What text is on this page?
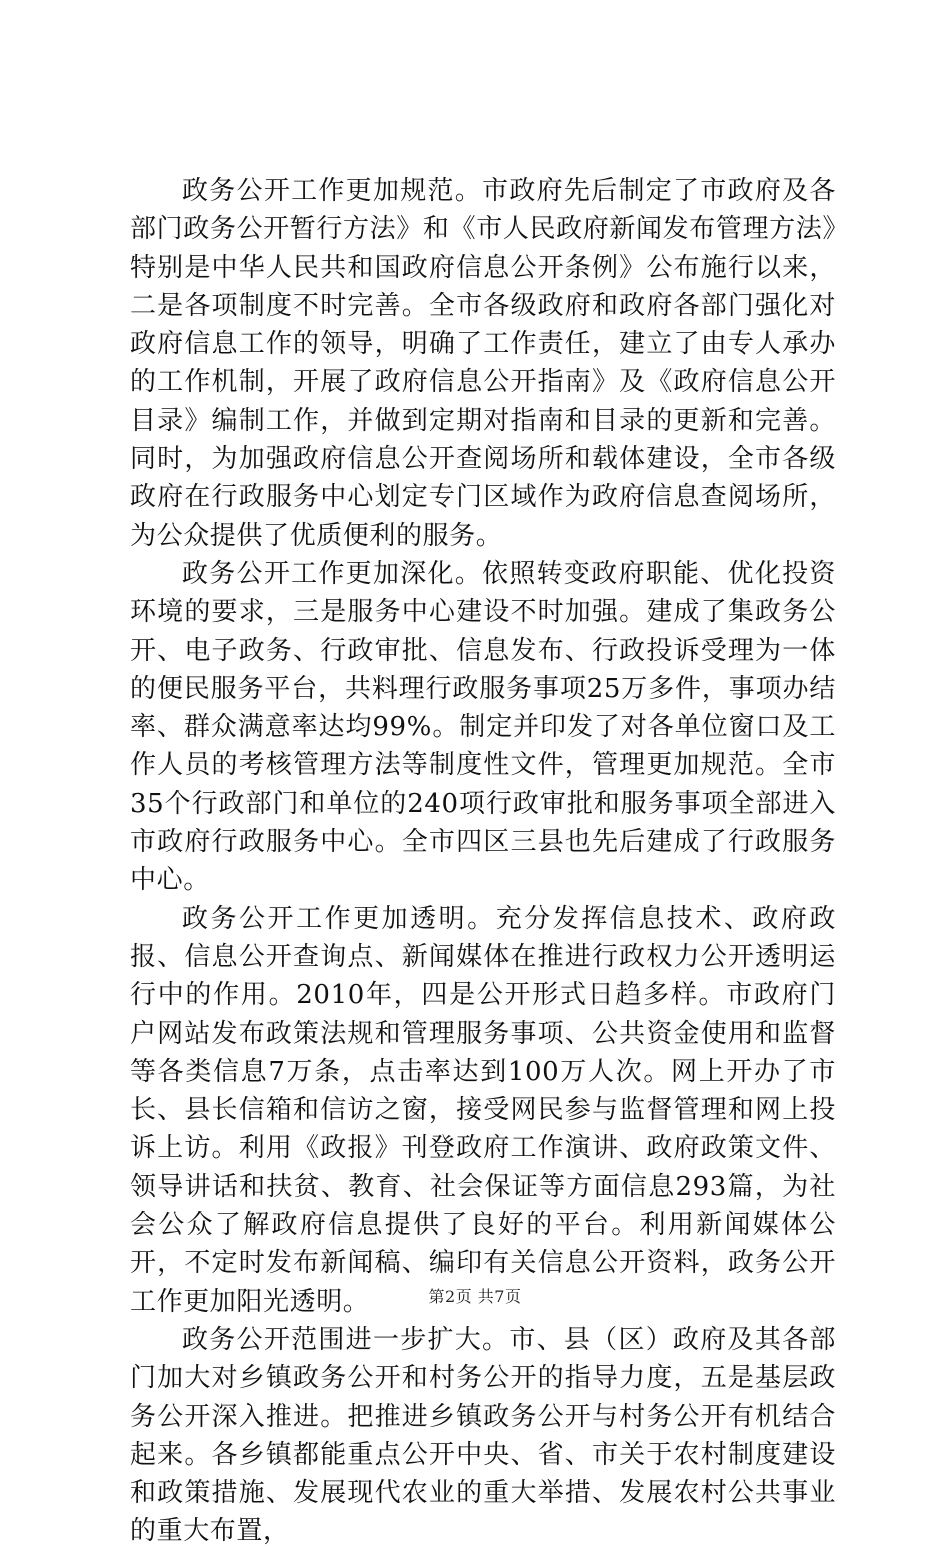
政务公开工作更加规范。市政府先后制定了市政府及各部门政务公开暂行方法》和《市人民政府新闻发布管理方法》特别是中华人民共和国政府信息公开条例》公布施行以来，二是各项制度不时完善。全市各级政府和政府各部门强化对政府信息工作的领导，明确了工作责任，建立了由专人承办的工作机制，开展了政府信息公开指南》及《政府信息公开目录》编制工作，并做到定期对指南和目录的更新和完善。同时，为加强政府信息公开查阅场所和载体建设，全市各级政府在行政服务中心划定专门区域作为政府信息查阅场所，为公众提供了优质便利的服务。

政务公开工作更加深化。依照转变政府职能、优化投资环境的要求，三是服务中心建设不时加强。建成了集政务公开、电子政务、行政审批、信息发布、行政投诉受理为一体的便民服务平台，共料理行政服务事项25万多件，事项办结率、群众满意率达均99%。制定并印发了对各单位窗口及工作人员的考核管理方法等制度性文件，管理更加规范。全市35个行政部门和单位的240项行政审批和服务事项全部进入市政府行政服务中心。全市四区三县也先后建成了行政服务中心。

政务公开工作更加透明。充分发挥信息技术、政府政报、信息公开查询点、新闻媒体在推进行政权力公开透明运行中的作用。2010年，四是公开形式日趋多样。市政府门户网站发布政策法规和管理服务事项、公共资金使用和监督等各类信息7万条，点击率达到100万人次。网上开办了市长、县长信箱和信访之窗，接受网民参与监督管理和网上投诉上访。利用《政报》刊登政府工作演讲、政府政策文件、领导讲话和扶贫、教育、社会保证等方面信息293篇，为社会公众了解政府信息提供了良好的平台。利用新闻媒体公开，不定时发布新闻稿、编印有关信息公开资料，政务公开工作更加阳光透明。

政务公开范围进一步扩大。市、县（区）政府及其各部门加大对乡镇政务公开和村务公开的指导力度，五是基层政务公开深入推进。把推进乡镇政务公开与村务公开有机结合起来。各乡镇都能重点公开中央、省、市关于农村制度建设和政策措施、发展现代农业的重大举措、发展农村公共事业的重大布置，

第2页 共7页
